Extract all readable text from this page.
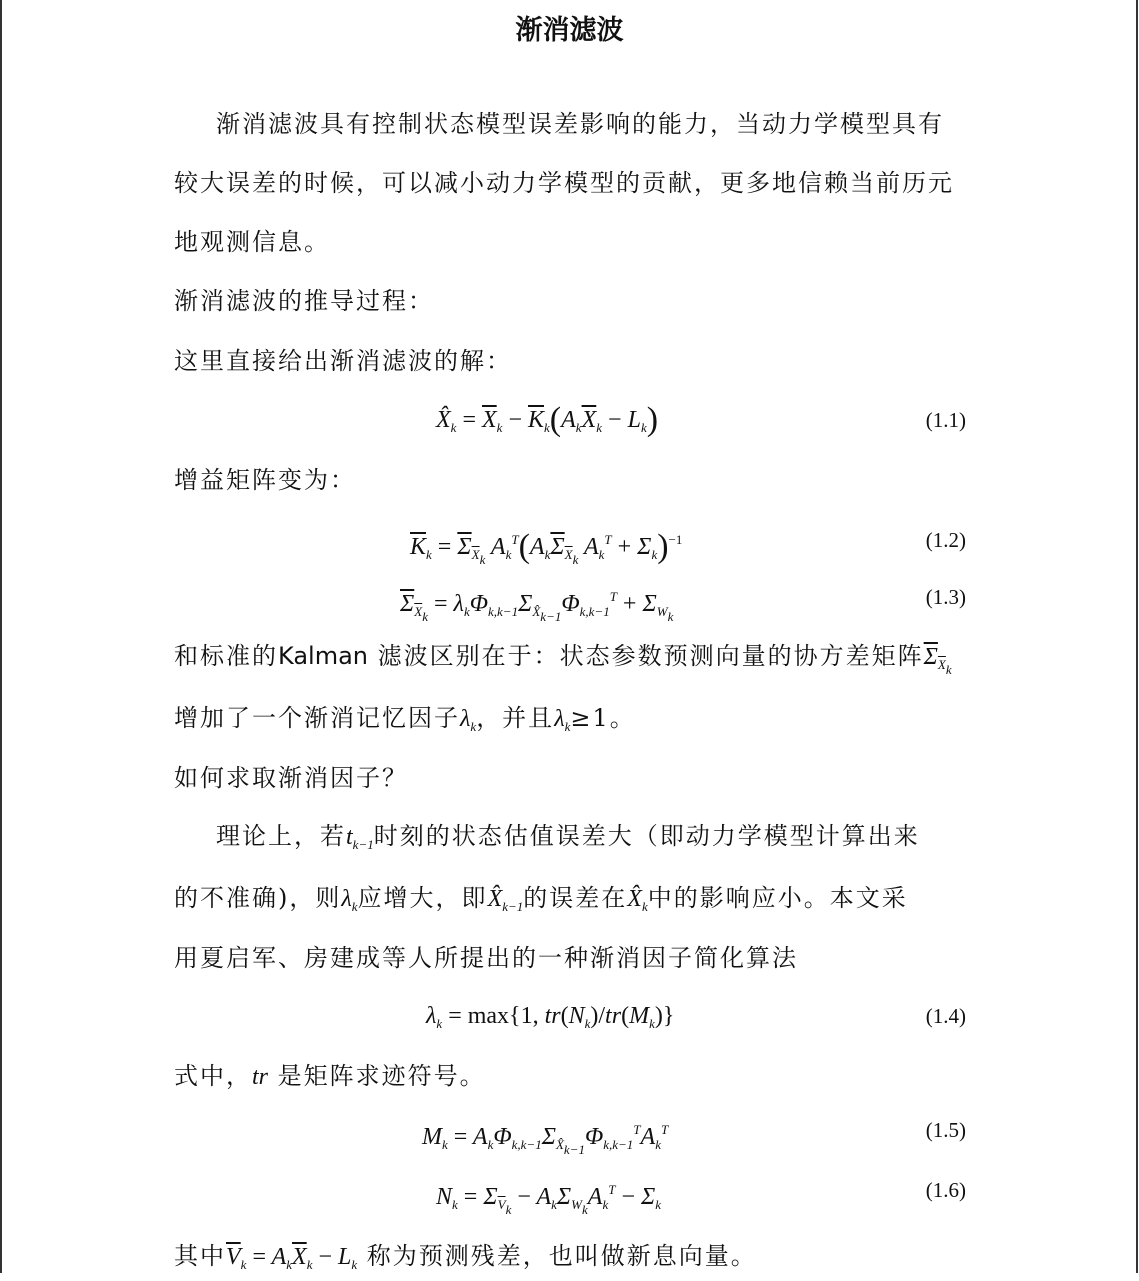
渐消滤波
渐消滤波具有控制状态模型误差影响的能力，当动力学模型具有
较大误差的时候，可以减小动力学模型的贡献，更多地信赖当前历元
地观测信息。
渐消滤波的推导过程：
这里直接给出渐消滤波的解：
$X̂_k = \overline{X}_k - \overline{K}_k(A_k\overline{X}_k - L_k)$	(1.1)
增益矩阵变为：
$\overline{K}_k = \overline{\Sigma}_{\overline{X}_k}$ $A_k^T(A_k\overline{\Sigma}_{\overline{X}_k}$ $A_k^T + \Sigma_k)^{-1}$	(1.2)
$\overline{\Sigma}_{\overline{X}_k} = \lambda_k\Phi_{k,k-1}\Sigma_{X̂_{k-1}}\Phi_{k,k-1}^T + \Sigma_{W_k}$
(1.3)
和标准的Kalman 滤波区别在于：状态参数预测向量的协方差矩阵$\overline{\Sigma}_{\overline{X}_k}$
增加了一个渐消记忆因子$\lambda_k$，并且$\lambda_k\ge 1$。
如何求取渐消因子？
理论上，若$t_{k-1}$时刻的状态估值误差大（即动力学模型计算出来
的不准确)，则$\lambda_k$应增大，即$X̂_{k-1}$的误差在$X̂_k$中的影响应小。本文采
用夏启军、房建成等人所提出的一种渐消因子简化算法
$\lambda_k = \max\{1$, $tr(N_k)/tr(M_k)$}	(1.4)
式中，tr 是矩阵求迹符号。
$M_k = A_k\Phi_{k,k-1}\Sigma_{X̂_{k-1}}\Phi_{k,k-1}^TA_k^T$	(1.5)
$N_k = \Sigma_{\overline{V}_k} - A_k\Sigma_{W_k}A_k^T - \Sigma_k$
(1.6)
其中$\overline{V}_k = A_k\overline{X}_k - L_k$ 称为预测残差，也叫做新息向量。
